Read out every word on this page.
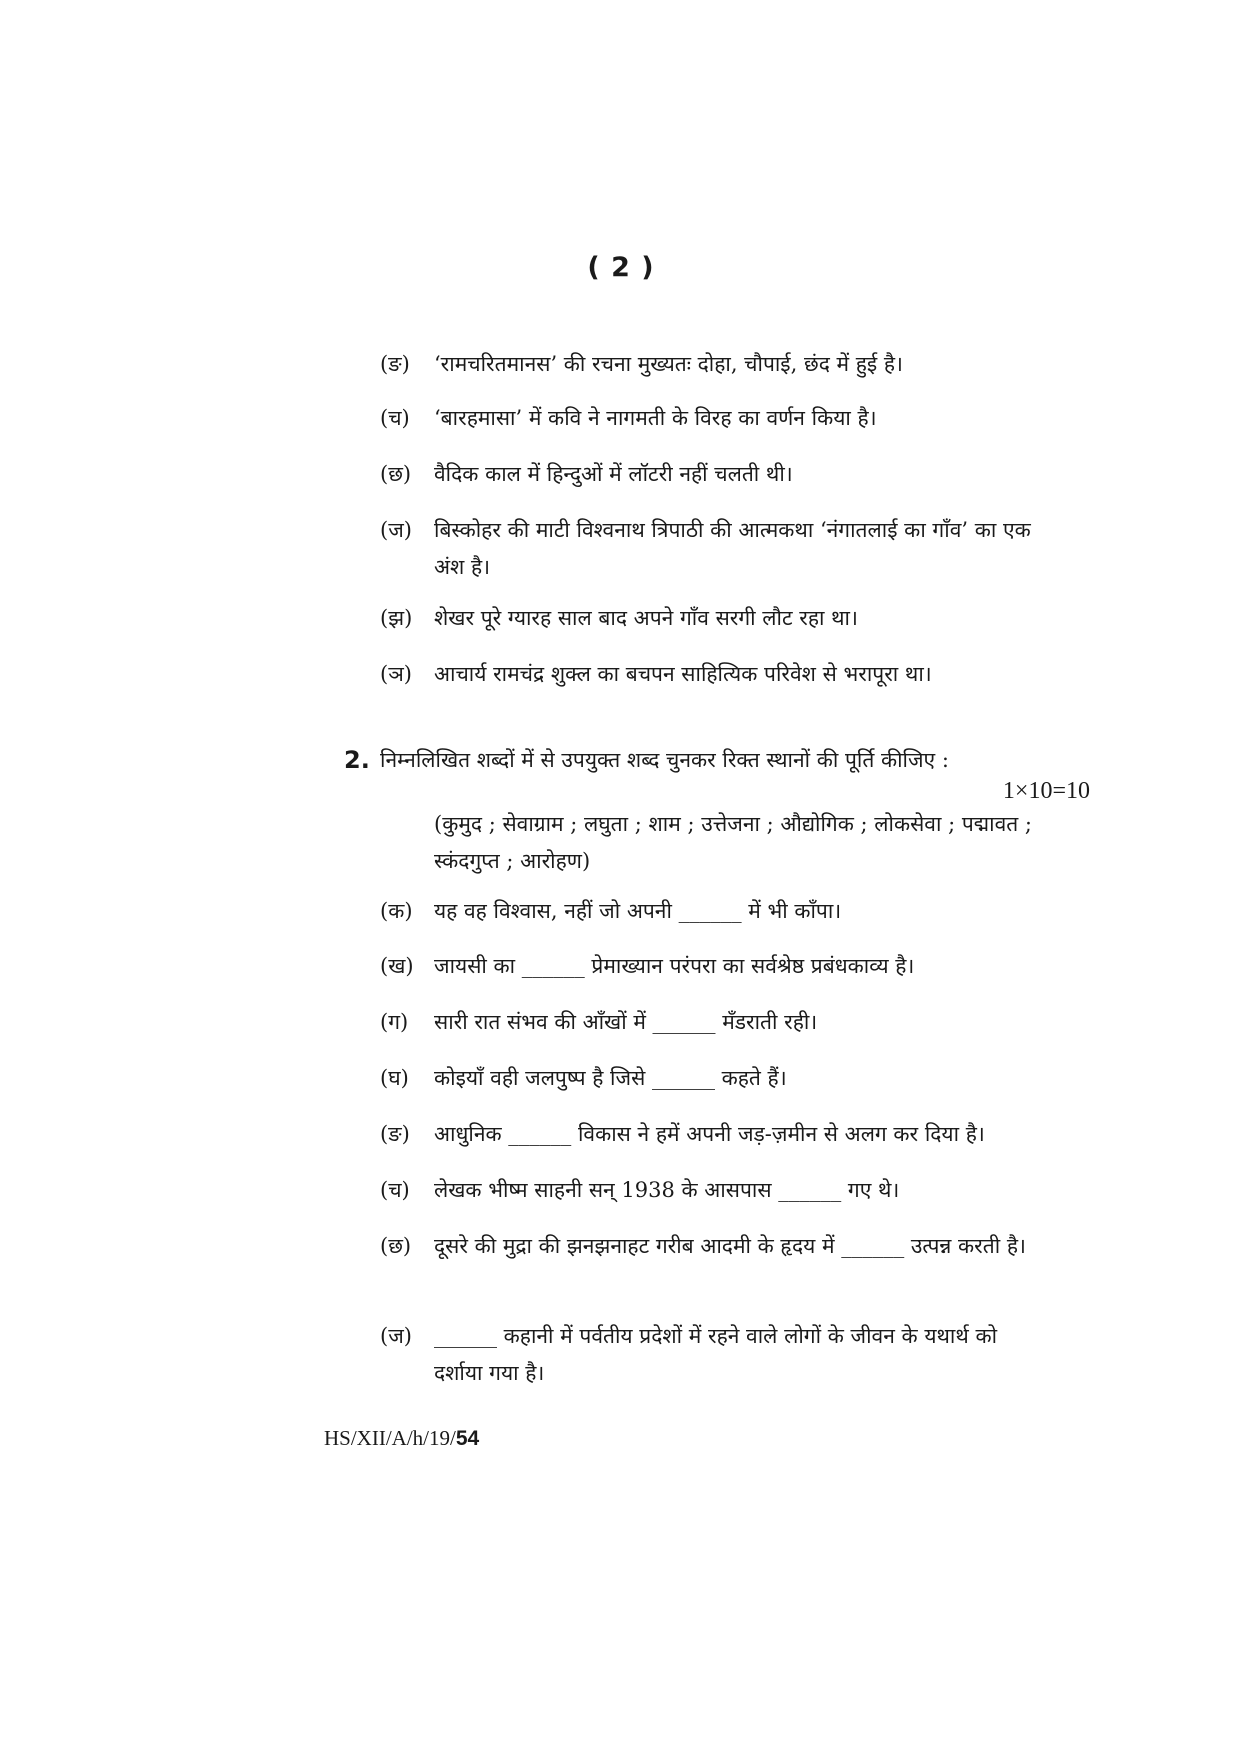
( 2 )
(ङ)	‘रामचरितमानस’ की रचना मुख्यतः दोहा, चौपाई, छंद में हुई है।
(च)	‘बारहमासा’ में कवि ने नागमती के विरह का वर्णन किया है।
(छ)	वैदिक काल में हिन्दुओं में लॉटरी नहीं चलती थी।
(ज)	बिस्कोहर की माटी विश्वनाथ त्रिपाठी की आत्मकथा ‘नंगातलाई का गाँव’ का एक अंश है।
(झ)	शेखर पूरे ग्यारह साल बाद अपने गाँव सरगी लौट रहा था।
(ञ)	आचार्य रामचंद्र शुक्ल का बचपन साहित्यिक परिवेश से भरापूरा था।
2. निम्नलिखित शब्दों में से उपयुक्त शब्द चुनकर रिक्त स्थानों की पूर्ति कीजिए :
1×10=10
(कुमुद ; सेवाग्राम ; लघुता ; शाम ; उत्तेजना ; औद्योगिक ; लोकसेवा ; पद्मावत ; स्कंदगुप्त ; आरोहण)
(क)	यह वह विश्वास, नहीं जो अपनी ______ में भी काँपा।
(ख) जायसी का ______ प्रेमाख्यान परंपरा का सर्वश्रेष्ठ प्रबंधकाव्य है।
(ग)	सारी रात संभव की आँखों में ______ मँडराती रही।
(घ)	कोइयाँ वही जलपुष्प है जिसे ______ कहते हैं।
(ङ)	आधुनिक ______ विकास ने हमें अपनी जड़-ज़मीन से अलग कर दिया है।
(च)	लेखक भीष्म साहनी सन् 1938 के आसपास ______ गए थे।
(छ)	दूसरे की मुद्रा की झनझनाहट गरीब आदमी के हृदय में ______ उत्पन्न करती है।
(ज)	______ कहानी में पर्वतीय प्रदेशों में रहने वाले लोगों के जीवन के यथार्थ को दर्शाया गया है।
HS/XII/A/h/19/54
